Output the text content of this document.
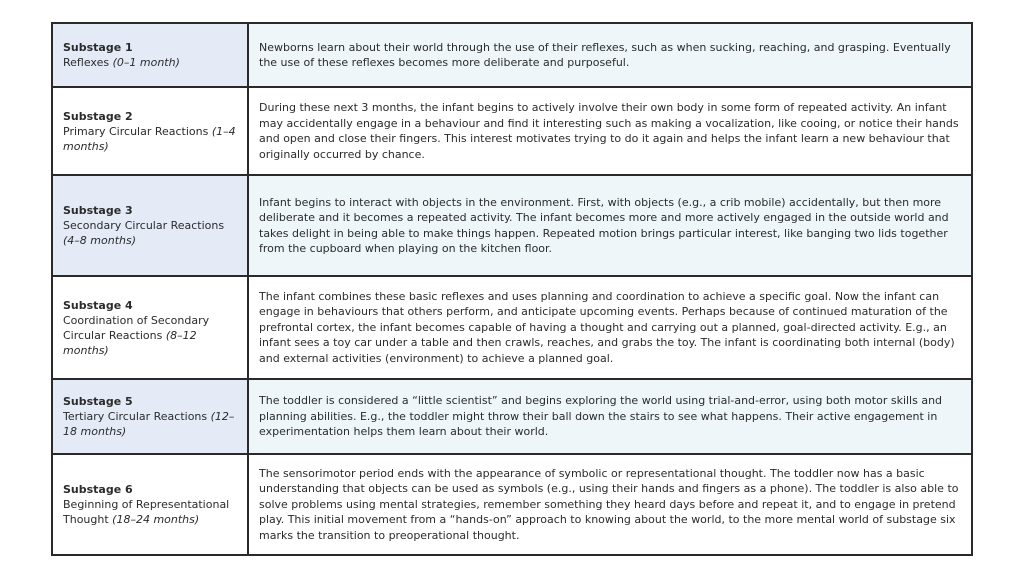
Substage 1
Reflexes (0–1 month)	Newborns learn about their world through the use of their reflexes, such as when sucking, reaching, and grasping. Eventually the use of these reflexes becomes more deliberate and purposeful.

Substage 2
Primary Circular Reactions (1–4 months)	During these next 3 months, the infant begins to actively involve their own body in some form of repeated activity. An infant may accidentally engage in a behaviour and find it interesting such as making a vocalization, like cooing, or notice their hands and open and close their fingers. This interest motivates trying to do it again and helps the infant learn a new behaviour that originally occurred by chance.

Substage 3
Secondary Circular Reactions (4–8 months)	Infant begins to interact with objects in the environment. First, with objects (e.g., a crib mobile) accidentally, but then more deliberate and it becomes a repeated activity. The infant becomes more and more actively engaged in the outside world and takes delight in being able to make things happen. Repeated motion brings particular interest, like banging two lids together from the cupboard when playing on the kitchen floor.

Substage 4
Coordination of Secondary Circular Reactions (8–12 months)	The infant combines these basic reflexes and uses planning and coordination to achieve a specific goal. Now the infant can engage in behaviours that others perform, and anticipate upcoming events. Perhaps because of continued maturation of the prefrontal cortex, the infant becomes capable of having a thought and carrying out a planned, goal-directed activity. E.g., an infant sees a toy car under a table and then crawls, reaches, and grabs the toy. The infant is coordinating both internal (body) and external activities (environment) to achieve a planned goal.

Substage 5
Tertiary Circular Reactions (12–18 months)	The toddler is considered a “little scientist” and begins exploring the world using trial-and-error, using both motor skills and planning abilities. E.g., the toddler might throw their ball down the stairs to see what happens. Their active engagement in experimentation helps them learn about their world.

Substage 6
Beginning of Representational Thought (18–24 months)	The sensorimotor period ends with the appearance of symbolic or representational thought. The toddler now has a basic understanding that objects can be used as symbols (e.g., using their hands and fingers as a phone). The toddler is also able to solve problems using mental strategies, remember something they heard days before and repeat it, and to engage in pretend play. This initial movement from a “hands-on” approach to knowing about the world, to the more mental world of substage six marks the transition to preoperational thought.
